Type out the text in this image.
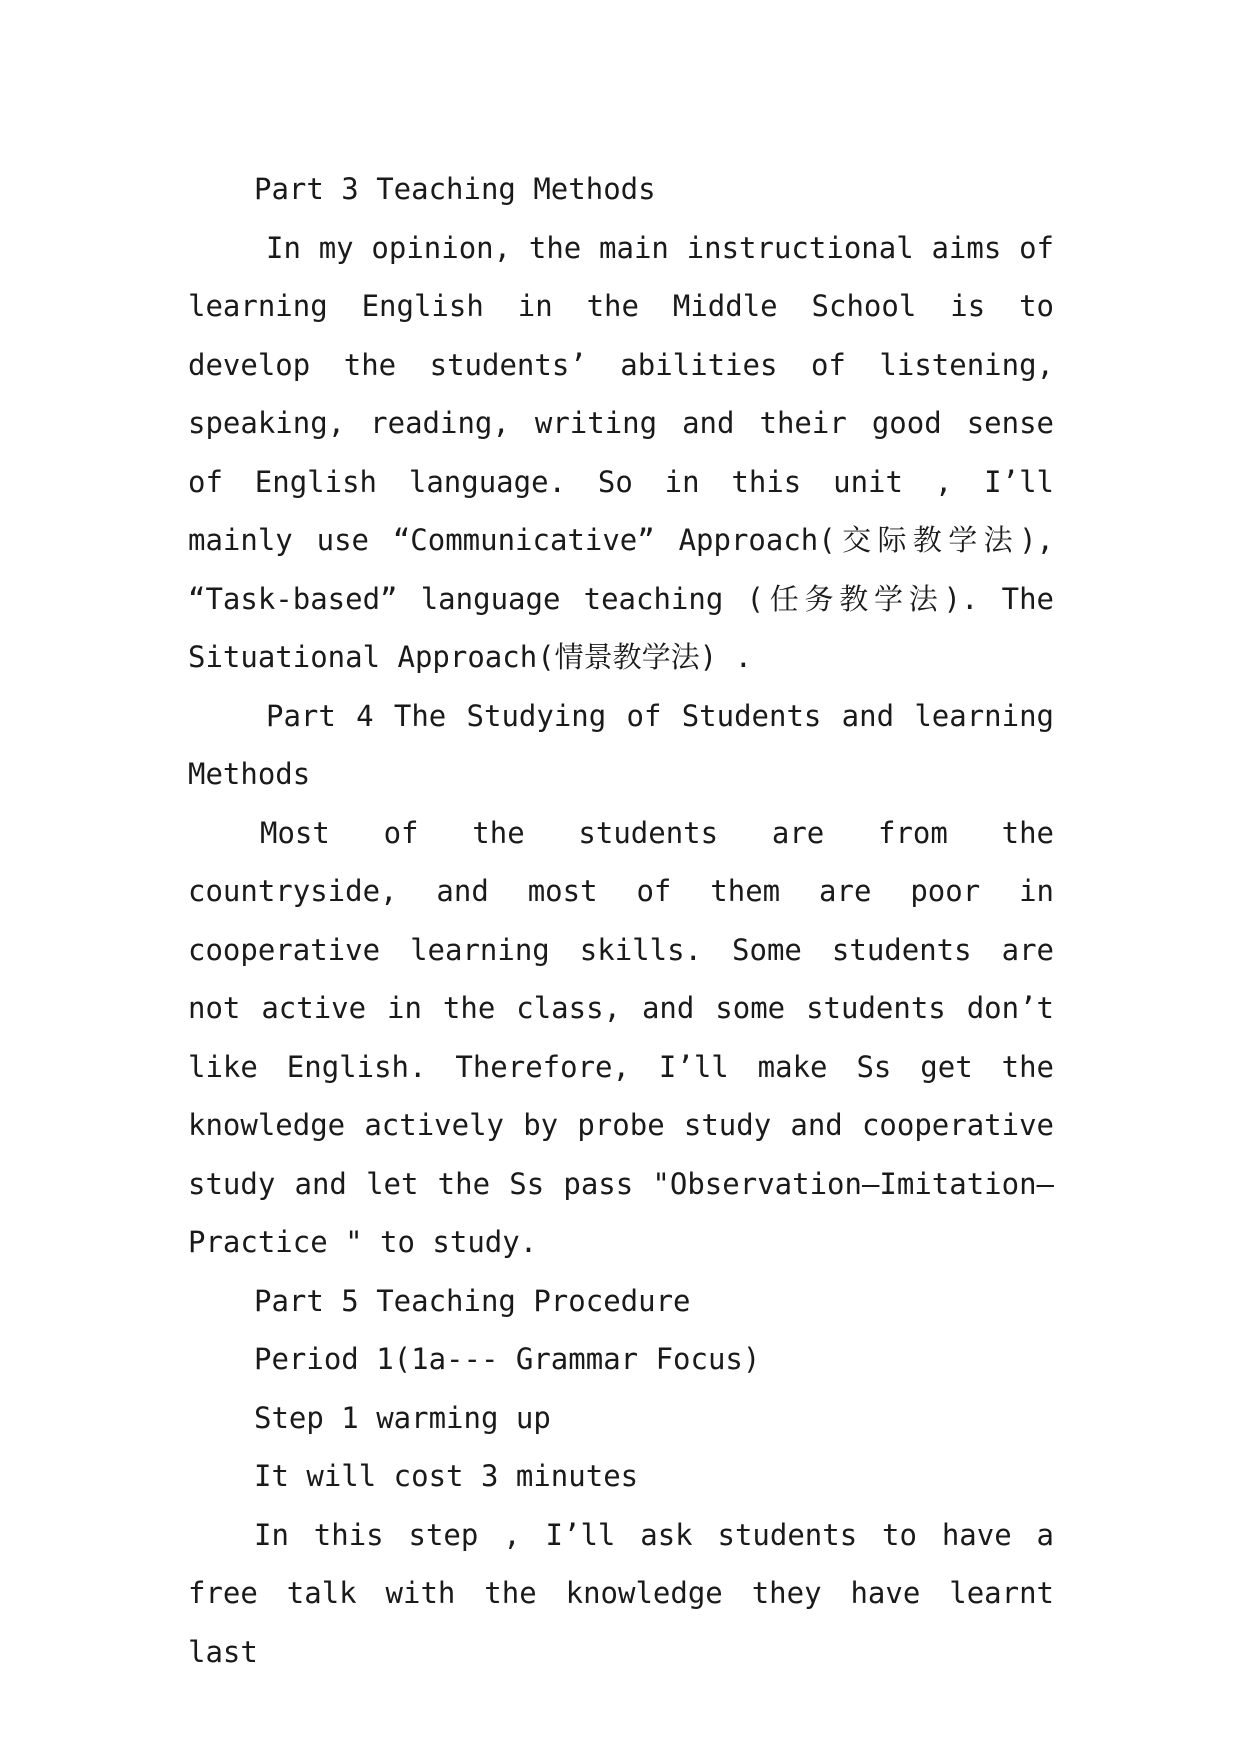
Part 3 Teaching Methods

In my opinion, the main instructional aims of learning English in the Middle School is to develop the students’ abilities of listening, speaking, reading, writing and their good sense of English language. So in this unit , I’ll mainly use “Communicative” Approach(交际教学法), “Task-based” language teaching (任务教学法). The Situational Approach(情景教学法) .

Part 4 The Studying of Students and learning Methods

Most of the students are from the countryside, and most of them are poor in cooperative learning skills. Some students are not active in the class, and some students don’t like English. Therefore, I’ll make Ss get the knowledge actively by probe study and cooperative study and let the Ss pass "Observation—Imitation—Practice " to study.

Part 5 Teaching Procedure

Period 1(1a--- Grammar Focus)

Step 1 warming up

It will cost 3 minutes

In this step , I’ll ask students to have a free talk with the knowledge they have learnt last
